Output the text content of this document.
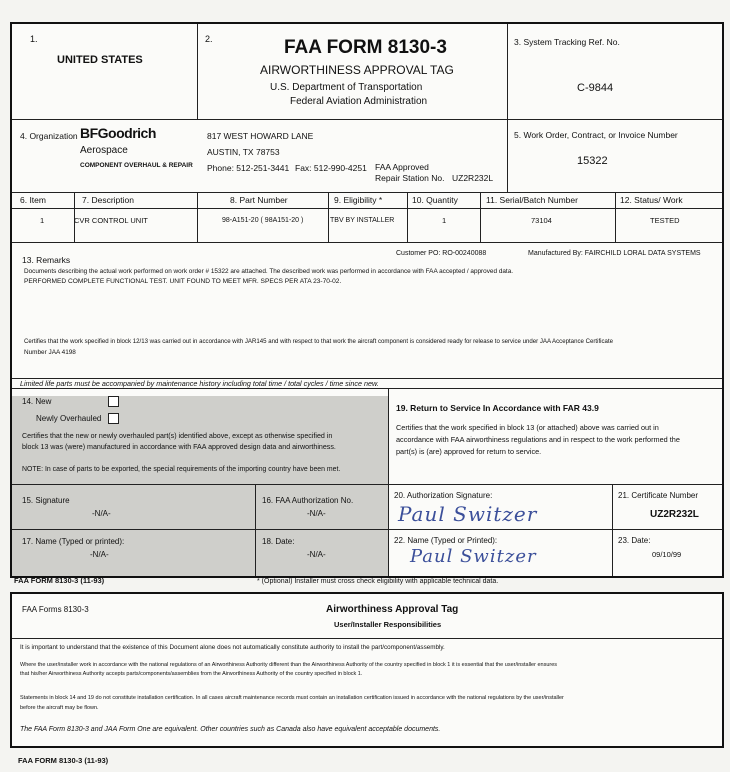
1.
UNITED STATES
2.	FAA FORM 8130-3
AIRWORTHINESS APPROVAL TAG
U.S. Department of Transportation
Federal Aviation Administration
3. System Tracking Ref. No.
C-9844
4. Organization BFGoodrich
Aerospace
COMPONENT OVERHAUL & REPAIR
817 WEST HOWARD LANE
AUSTIN, TX 78753
Phone: 512-251-3441 Fax: 512-990-4251 FAA Approved
Repair Station No. UZ2R232L
5. Work Order, Contract, or Invoice Number
15322
6. Item	7. Description	8. Part Number	9. Eligibility *	10. Quantity	11. Serial/Batch Number	12. Status/ Work
1	CVR CONTROL UNIT	98-A151-20 ( 98A151-20 )	TBV BY INSTALLER	1	73104	TESTED
13. Remarks
Customer PO: RO-00240088	Manufactured By: FAIRCHILD LORAL DATA SYSTEMS
Documents describing the actual work performed on work order # 15322 are attached. The described work was performed in accordance with FAA accepted / approved data.
PERFORMED COMPLETE FUNCTIONAL TEST. UNIT FOUND TO MEET MFR. SPECS PER ATA 23-70-02.
Certifies that the work specified in block 12/13 was carried out in accordance with JAR145 and with respect to that work the aircraft component is considered ready for release to service under JAA Acceptance Certificate
Number JAA 4198
Limited life parts must be accompanied by maintenance history including total time / total cycles / time since new.
14. New
Newly Overhauled
Certifies that the new or newly overhauled part(s) identified above, except as otherwise specified in
block 13 was (were) manufactured in accordance with FAA approved design data and airworthiness.
NOTE: In case of parts to be exported, the special requirements of the importing country have been met.
19. Return to Service In Accordance with FAR 43.9
Certifies that the work specified in block 13 (or attached) above was carried out in
accordance with FAA airworthiness regulations and in respect to the work performed the
part(s) is (are) approved for return to service.
15. Signature
-N/A-
16. FAA Authorization No.
-N/A-
17. Name (Typed or printed):
-N/A-
18. Date:
-N/A-
20. Authorization Signature:
Paul Switzer
21. Certificate Number
UZ2R232L
22. Name (Typed or Printed):
Paul Switzer
23. Date:
09/10/99
FAA FORM 8130-3 (11-93)	* (Optional) Installer must cross check eligibility with applicable technical data.
FAA Forms 8130-3	Airworthiness Approval Tag
User/Installer Responsibilities
It is important to understand that the existence of this Document alone does not automatically constitute authority to install the part/component/assembly.
Where the user/installer work in accordance with the national regulations of an Airworthiness Authority different than the Airworthiness Authority of the country specified in block 1 it is essential that the user/installer ensures
that his/her Airworthiness Authority accepts parts/components/assemblies from the Airworthiness Authority of the country specified in block 1.
Statements in block 14 and 19 do not constitute installation certification. In all cases aircraft maintenance records must contain an installation certification issued in accordance with the national regulations by the user/installer
before the aircraft may be flown.
The FAA Form 8130-3 and JAA Form One are equivalent. Other countries such as Canada also have equivalent acceptable documents.
FAA FORM 8130-3 (11-93)
